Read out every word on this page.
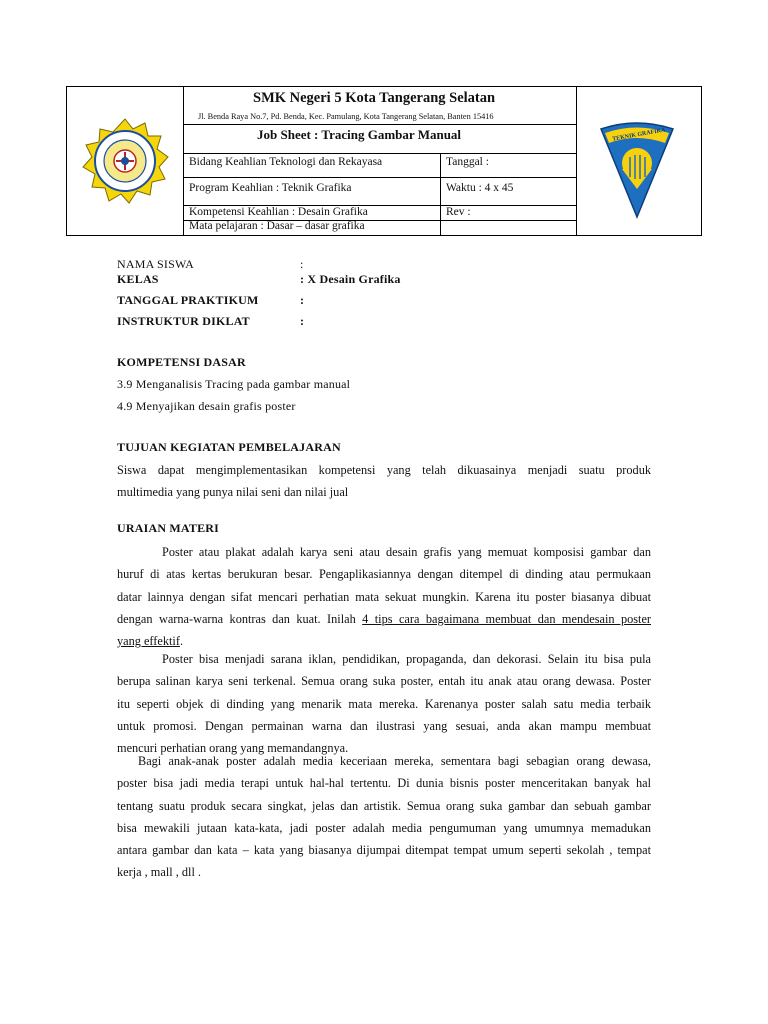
SMK Negeri 5 Kota Tangerang Selatan
Jl. Benda Raya No.7, Pd. Benda, Kec. Pamulang, Kota Tangerang Selatan, Banten 15416
Job Sheet : Tracing Gambar Manual
Bidang Keahlian Teknologi dan Rekayasa	Tanggal :
Program Keahlian : Teknik Grafika	Waktu : 4 x 45
Kompetensi Keahlian : Desain Grafika	Rev :
Mata pelajaran : Dasar – dasar grafika
TEKNIK GRAFIKA
NAMA SISWA	:
KELAS	: X Desain Grafika
TANGGAL PRAKTIKUM	:
INSTRUKTUR DIKLAT	:
KOMPETENSI DASAR
3.9 Menganalisis Tracing pada gambar manual
4.9 Menyajikan desain grafis poster
TUJUAN KEGIATAN PEMBELAJARAN
Siswa dapat mengimplementasikan kompetensi yang telah dikuasainya menjadi suatu produk
multimedia yang punya nilai seni dan nilai jual
URAIAN MATERI
Poster atau plakat adalah karya seni atau desain grafis yang memuat komposisi gambar dan
huruf di atas kertas berukuran besar. Pengaplikasiannya dengan ditempel di dinding atau permukaan
datar lainnya dengan sifat mencari perhatian mata sekuat mungkin. Karena itu poster biasanya dibuat
dengan warna-warna kontras dan kuat. Inilah 4 tips cara bagaimana membuat dan mendesain poster
yang effektif.
Poster bisa menjadi sarana iklan, pendidikan, propaganda, dan dekorasi. Selain itu bisa pula
berupa salinan karya seni terkenal. Semua orang suka poster, entah itu anak atau orang dewasa. Poster
itu seperti objek di dinding yang menarik mata mereka. Karenanya poster salah satu media terbaik
untuk promosi. Dengan permainan warna dan ilustrasi yang sesuai, anda akan mampu membuat
mencuri perhatian orang yang memandangnya.
Bagi anak-anak poster adalah media keceriaan mereka, sementara bagi sebagian orang dewasa,
poster bisa jadi media terapi untuk hal-hal tertentu. Di dunia bisnis poster menceritakan banyak hal
tentang suatu produk secara singkat, jelas dan artistik. Semua orang suka gambar dan sebuah gambar
bisa mewakili jutaan kata-kata, jadi poster adalah media pengumuman yang umumnya memadukan
antara gambar dan kata – kata yang biasanya dijumpai ditempat tempat umum seperti sekolah , tempat
kerja , mall , dll .
